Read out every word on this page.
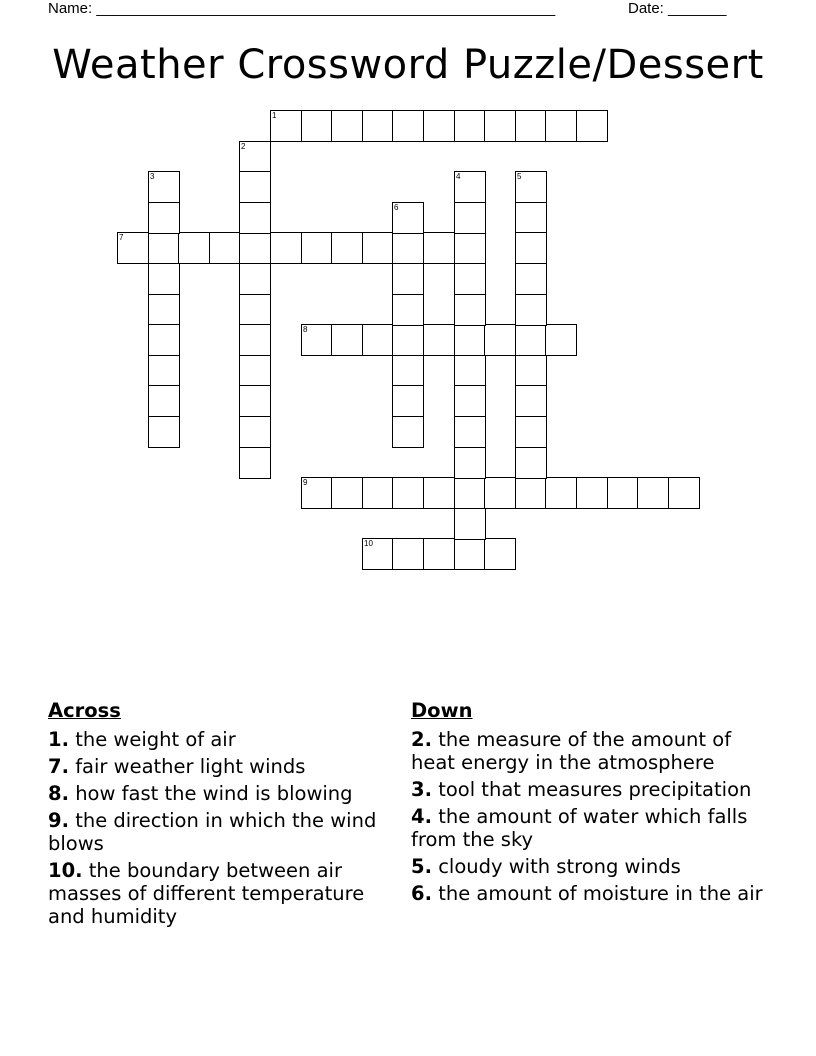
Name: _______________________________________________________	Date: _______
Weather Crossword Puzzle/Dessert
1
7
8
9
10
2
3	4	5
6
Across
1. the weight of air
7. fair weather light winds
8. how fast the wind is blowing
9. the direction in which the wind blows
10. the boundary between air masses of different temperature and humidity
Down
2. the measure of the amount of heat energy in the atmosphere
3. tool that measures precipitation
4. the amount of water which falls from the sky
5. cloudy with strong winds
6. the amount of moisture in the air
